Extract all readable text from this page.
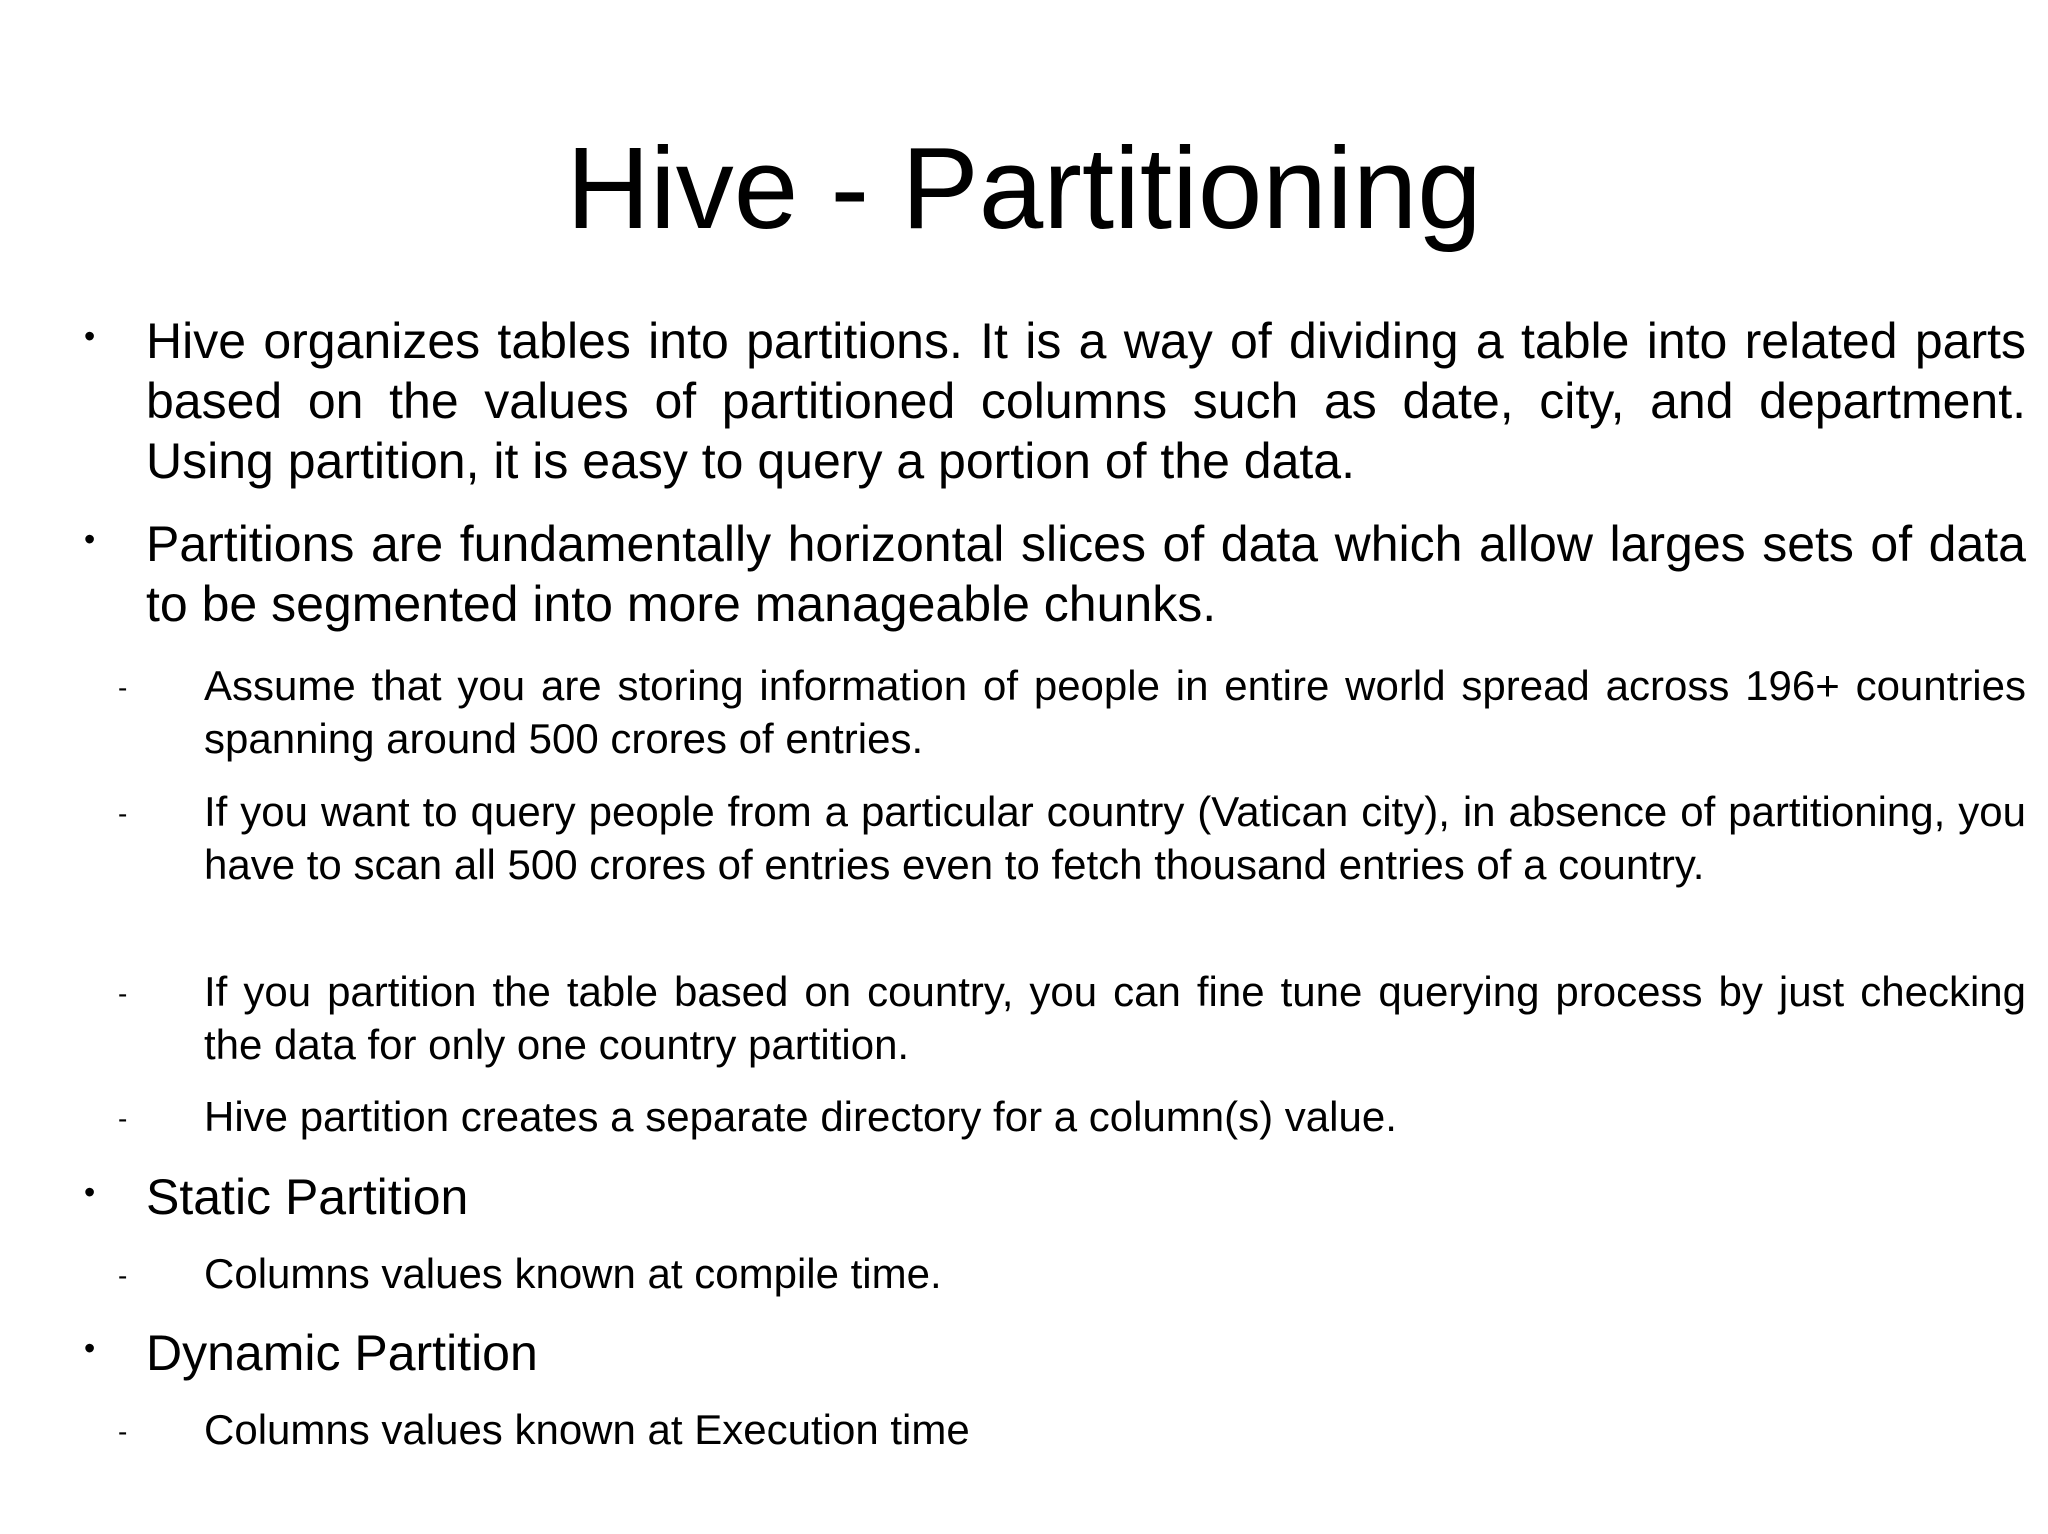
Hive - Partitioning
• Hive organizes tables into partitions. It is a way of dividing a table into related parts based on the values of partitioned columns such as date, city, and department. Using partition, it is easy to query a portion of the data.
• Partitions are fundamentally horizontal slices of data which allow larges sets of data to be segmented into more manageable chunks.
- Assume that you are storing information of people in entire world spread across 196+ countries spanning around 500 crores of entries.
- If you want to query people from a particular country (Vatican city), in absence of partitioning, you have to scan all 500 crores of entries even to fetch thousand entries of a country.
- If you partition the table based on country, you can fine tune querying process by just checking the data for only one country partition.
- Hive partition creates a separate directory for a column(s) value.
• Static Partition
- Columns values known at compile time.
• Dynamic Partition
- Columns values known at Execution time
